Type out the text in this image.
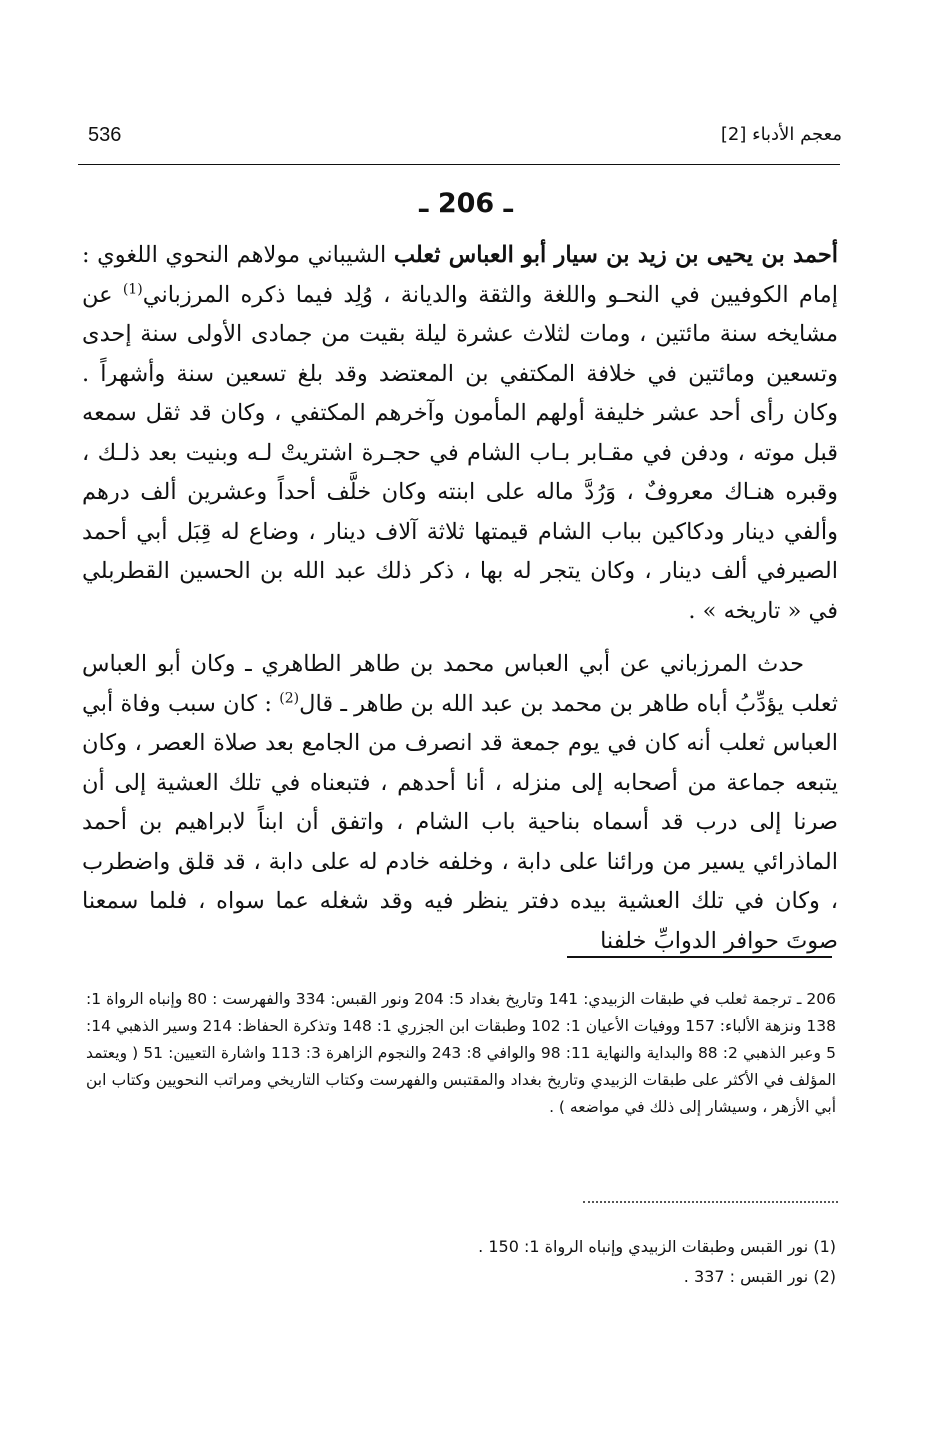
536	معجم الأدباء [2]
ـ 206 ـ

أحمد بن يحيى بن زيد بن سيار أبو العباس ثعلب الشيباني مولاهم النحوي اللغوي : إمام الكوفيين في النحـو واللغة والثقة والديانة ، وُلِد فيما ذكره المرزباني$^{(1)}$ عن مشايخه سنة مائتين ، ومات لثلاث عشرة ليلة بقيت من جمادى الأولى سنة إحدى وتسعين ومائتين في خلافة المكتفي بن المعتضد وقد بلغ تسعين سنة وأشهراً . وكان رأى أحد عشر خليفة أولهم المأمون وآخرهم المكتفي ، وكان قد ثقل سمعه قبل موته ، ودفن في مقـابر بـاب الشام في حجـرة اشتريتْ لـه وبنيت بعد ذلـك ، وقبره هنـاك معروفٌ ، وَرُدَّ ماله على ابنته وكان خلَّف أحداً وعشرين ألف درهم وألفي دينار ودكاكين بباب الشام قيمتها ثلاثة آلاف دينار ، وضاع له قِبَل أبي أحمد الصيرفي ألف دينار ، وكان يتجر له بها ، ذكر ذلك عبد الله بن الحسين القطربلي في « تاريخه » .

حدث المرزباني عن أبي العباس محمد بن طاهر الطاهري ـ وكان أبو العباس ثعلب يؤدِّبُ أباه طاهر بن محمد بن عبد الله بن طاهر ـ قال$^{(2)}$ : كان سبب وفاة أبي العباس ثعلب أنه كان في يوم جمعة قد انصرف من الجامع بعد صلاة العصر ، وكان يتبعه جماعة من أصحابه إلى منزله ، أنا أحدهم ، فتبعناه في تلك العشية إلى أن صرنا إلى درب قد أسماه بناحية باب الشام ، واتفق أن ابناً لابراهيم بن أحمد الماذرائي يسير من ورائنا على دابة ، وخلفه خادم له على دابة ، قد قلق واضطرب ، وكان في تلك العشية بيده دفتر ينظر فيه وقد شغله عما سواه ، فلما سمعنا صوتَ حوافر الدوابِّ خلفنا

206 ـ ترجمة ثعلب في طبقات الزبيدي: 141 وتاريخ بغداد 5: 204 ونور القبس: 334 والفهرست : 80 وإنباه الرواة 1: 138 ونزهة الألباء: 157 ووفيات الأعيان 1: 102 وطبقات ابن الجزري 1: 148 وتذكرة الحفاظ: 214 وسير الذهبي 14: 5 وعبر الذهبي 2: 88 والبداية والنهاية 11: 98 والوافي 8: 243 والنجوم الزاهرة 3: 113 واشارة التعيين: 51 ( ويعتمد المؤلف في الأكثر على طبقات الزبيدي وتاريخ بغداد والمقتبس والفهرست وكتاب التاريخي ومراتب النحويين وكتاب ابن أبي الأزهر ، وسيشار إلى ذلك في مواضعه ) .
(1) نور القبس وطبقات الزبيدي وإنباه الرواة 1: 150 .
(2) نور القبس : 337 .
